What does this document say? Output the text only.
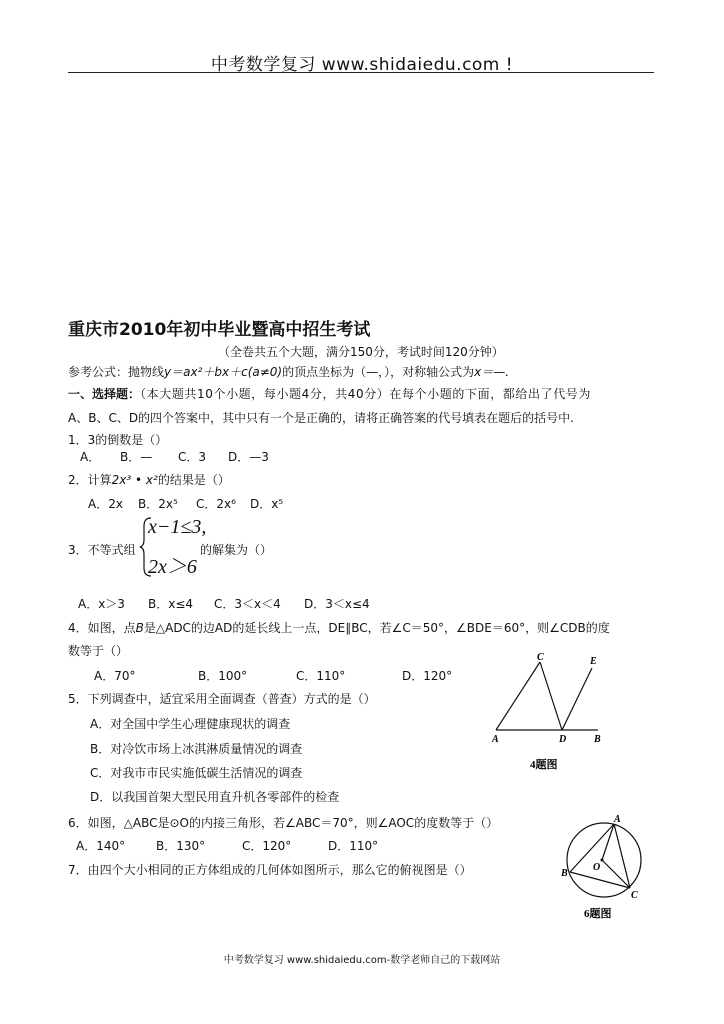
中考数学复习 www.shidaiedu.com !
重庆市2010年初中毕业暨高中招生考试
（全卷共五个大题，满分150分，考试时间120分钟）
参考公式：抛物线y＝ax²＋bx＋c(a≠0)的顶点坐标为（—，），对称轴公式为x＝—.
一、选择题：（本大题共10个小题，每小题4分，共40分）在每个小题的下面，都给出了代号为
A、B、C、D的四个答案中，其中只有一个是正确的，请将正确答案的代号填表在题后的括号中.
1．3的倒数是（）
A． B．— C．3 D．—3
2．计算2x³ • x²的结果是（）
A．2x B．2x⁵ C．2x⁶ D．x⁵
3．不等式组
x−1≤3,
2x＞6
的解集为（）
A．x＞3 B．x≤4 C．3＜x＜4 D．3＜x≤4
4．如图，点B是△ADC的边AD的延长线上一点，DE∥BC，若∠C＝50°，∠BDE＝60°，则∠CDB的度
数等于（）
A．70°	B．100°	C．110°	D．120°
C	E
A	D	B
4题图
5．下列调查中，适宜采用全面调查（普查）方式的是（）
A．对全国中学生心理健康现状的调查
B．对冷饮市场上冰淇淋质量情况的调查
C．对我市市民实施低碳生活情况的调查
D．以我国首架大型民用直升机各零部件的检查
6．如图，△ABC是⊙O的内接三角形，若∠ABC＝70°，则∠AOC的度数等于（）
A．140°	B．130°	C．120°	D．110°
A
O
B
C
6题图
7．由四个大小相同的正方体组成的几何体如图所示，那么它的俯视图是（）
中考数学复习 www.shidaiedu.com-数学老师自己的下载网站
